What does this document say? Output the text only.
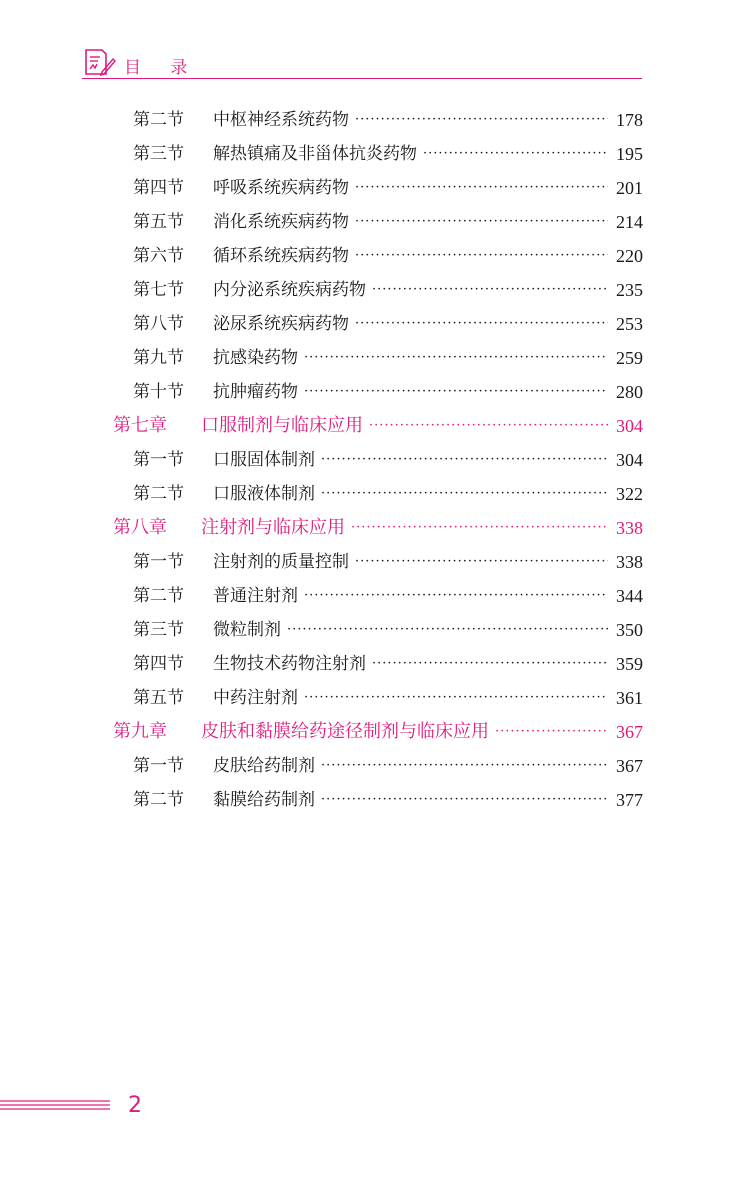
目 录
第二节	中枢神经系统药物 ·····	178
第三节	解热镇痛及非甾体抗炎药物 ·····	195
第四节	呼吸系统疾病药物 ·····	201
第五节	消化系统疾病药物 ·····	214
第六节	循环系统疾病药物 ·····	220
第七节	内分泌系统疾病药物 ·····	235
第八节	泌尿系统疾病药物 ·····	253
第九节	抗感染药物 ·····	259
第十节	抗肿瘤药物 ·····	280
第七章	口服制剂与临床应用 ·····	304
第一节	口服固体制剂 ·····	304
第二节	口服液体制剂 ·····	322
第八章	注射剂与临床应用 ·····	338
第一节	注射剂的质量控制 ·····	338
第二节	普通注射剂 ·····	344
第三节	微粒制剂 ·····	350
第四节	生物技术药物注射剂 ·····	359
第五节	中药注射剂 ·····	361
第九章	皮肤和黏膜给药途径制剂与临床应用 ·····	367
第一节	皮肤给药制剂 ·····	367
第二节	黏膜给药制剂 ·····	377
2
